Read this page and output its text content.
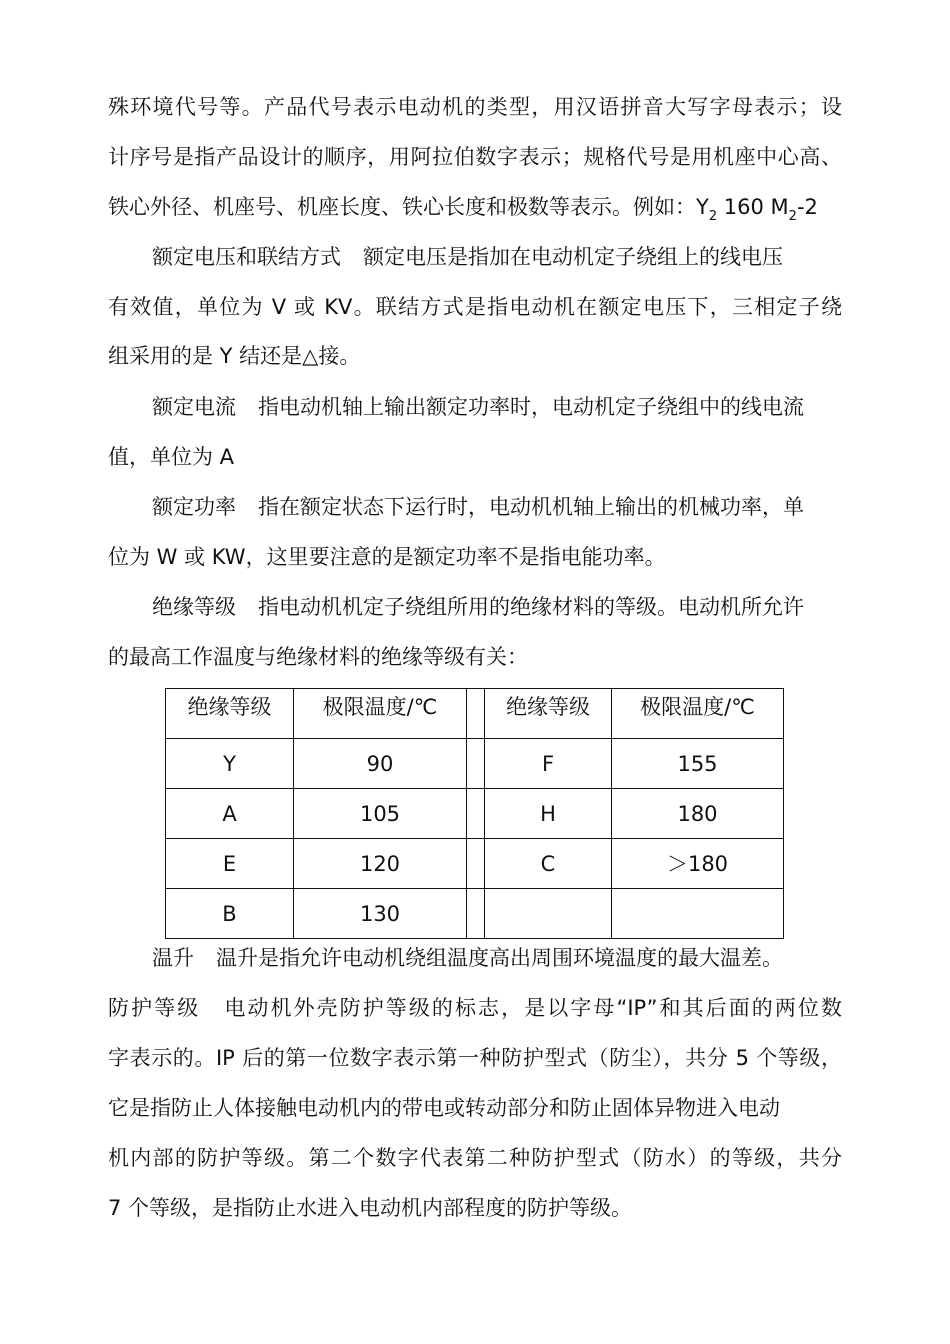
殊环境代号等。产品代号表示电动机的类型，用汉语拼音大写字母表示；设
计序号是指产品设计的顺序，用阿拉伯数字表示；规格代号是用机座中心高、
铁心外径、机座号、机座长度、铁心长度和极数等表示。例如：$Y_2$ 160 $M_2-2$
额定电压和联结方式 额定电压是指加在电动机定子绕组上的线电压
有效值，单位为 V 或 KV。联结方式是指电动机在额定电压下，三相定子绕
组采用的是 Y 结还是△接。
额定电流 指电动机轴上输出额定功率时，电动机定子绕组中的线电流
值，单位为 A
额定功率 指在额定状态下运行时，电动机机轴上输出的机械功率，单
位为 W 或 KW，这里要注意的是额定功率不是指电能功率。
绝缘等级 指电动机机定子绕组所用的绝缘材料的等级。电动机所允许
的最高工作温度与绝缘材料的绝缘等级有关：
绝缘等级	极限温度/℃		绝缘等级	极限温度/℃
Y	90		F	155
A	105		H	180
E	120		C	＞180
B	130			
温升 温升是指允许电动机绕组温度高出周围环境温度的最大温差。
防护等级 电动机外壳防护等级的标志，是以字母“IP”和其后面的两位数
字表示的。IP 后的第一位数字表示第一种防护型式（防尘），共分 5 个等级，
它是指防止人体接触电动机内的带电或转动部分和防止固体异物进入电动
机内部的防护等级。第二个数字代表第二种防护型式（防水）的等级，共分
7 个等级，是指防止水进入电动机内部程度的防护等级。
